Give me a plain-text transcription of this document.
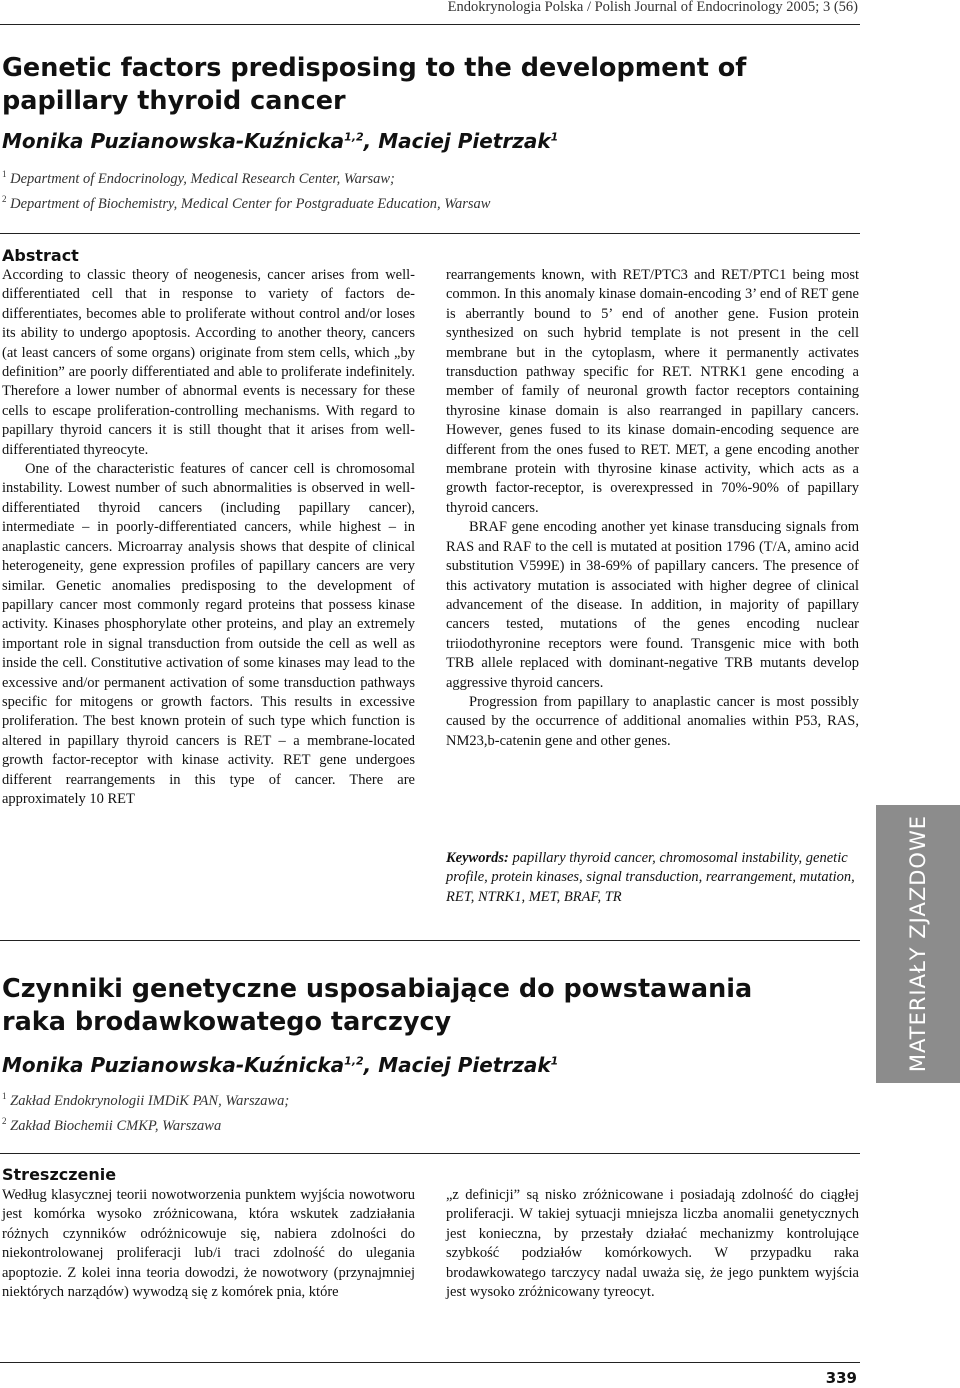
Endokrynologia Polska / Polish Journal of Endocrinology 2005; 3 (56)
Genetic factors predisposing to the development of papillary thyroid cancer
Monika Puzianowska-Kuźnicka$^{1,2}$, Maciej Pietrzak$^1$
$^1$ Department of Endocrinology, Medical Research Center, Warsaw;
$^2$ Department of Biochemistry, Medical Center for Postgraduate Education, Warsaw
Abstract

According to classic theory of neogenesis, cancer arises from well-differentiated cell that in response to variety of factors de-differentiates, becomes able to proliferate without control and/or loses its ability to undergo apoptosis. According to another theory, cancers (at least cancers of some organs) originate from stem cells, which „by definition” are poorly differentiated and able to proliferate indefinitely. Therefore a lower number of abnormal events is necessary for these cells to escape proliferation-controlling mechanisms. With regard to papillary thyroid cancers it is still thought that it arises from well-differentiated thyreocyte.

One of the characteristic features of cancer cell is chromosomal instability. Lowest number of such abnormalities is observed in well-differentiated thyroid cancers (including papillary cancer), intermediate – in poorly-differentiated cancers, while highest – in anaplastic cancers. Microarray analysis shows that despite of clinical heterogeneity, gene expression profiles of papillary cancers are very similar. Genetic anomalies predisposing to the development of papillary cancer most commonly regard proteins that possess kinase activity. Kinases phosphorylate other proteins, and play an extremely important role in signal transduction from outside the cell as well as inside the cell. Constitutive activation of some kinases may lead to the excessive and/or permanent activation of some transduction pathways specific for mitogens or growth factors. This results in excessive proliferation. The best known protein of such type which function is altered in papillary thyroid cancers is RET – a membrane-located growth factor-receptor with kinase activity. RET gene undergoes different rearrangements in this type of cancer. There are approximately 10 RET

rearrangements known, with RET/PTC3 and RET/PTC1 being most common. In this anomaly kinase domain-encoding 3’ end of RET gene is aberrantly bound to 5’ end of another gene. Fusion protein synthesized on such hybrid template is not present in the cell membrane but in the cytoplasm, where it permanently activates transduction pathway specific for RET. NTRK1 gene encoding a member of family of neuronal growth factor receptors containing thyrosine kinase domain is also rearranged in papillary cancers. However, genes fused to its kinase domain-encoding sequence are different from the ones fused to RET. MET, a gene encoding another membrane protein with thyrosine kinase activity, which acts as a growth factor-receptor, is overexpressed in 70%-90% of papillary thyroid cancers.

BRAF gene encoding another yet kinase transducing signals from RAS and RAF to the cell is mutated at position 1796 (T/A, amino acid substitution V599E) in 38-69% of papillary cancers. The presence of this activatory mutation is associated with higher degree of clinical advancement of the disease. In addition, in majority of papillary cancers tested, mutations of the genes encoding nuclear triiodothyronine receptors were found. Transgenic mice with both TRB allele replaced with dominant-negative TRB mutants develop aggressive thyroid cancers.

Progression from papillary to anaplastic cancer is most possibly caused by the occurrence of additional anomalies within P53, RAS, NM23,b-catenin gene and other genes.

Keywords: papillary thyroid cancer, chromosomal instability, genetic profile, protein kinases, signal transduction, rearrangement, mutation, RET, NTRK1, MET, BRAF, TR
Czynniki genetyczne usposabiające do powstawania raka brodawkowatego tarczycy
Monika Puzianowska-Kuźnicka$^{1,2}$, Maciej Pietrzak$^1$
$^1$ Zakład Endokrynologii IMDiK PAN, Warszawa;
$^2$ Zakład Biochemii CMKP, Warszawa
Streszczenie

Według klasycznej teorii nowotworzenia punktem wyjścia nowotworu jest komórka wysoko zróżnicowana, która wskutek zadziałania różnych czynników odróżnicowuje się, nabiera zdolności do niekontrolowanej proliferacji lub/i traci zdolność do ulegania apoptozie. Z kolei inna teoria dowodzi, że nowotwory (przynajmniej niektórych narządów) wywodzą się z komórek pnia, które

„z definicji” są nisko zróżnicowane i posiadają zdolność do ciągłej proliferacji. W takiej sytuacji mniejsza liczba anomalii genetycznych jest konieczna, by przestały działać mechanizmy kontrolujące szybkość podziałów komórkowych. W przypadku raka brodawkowatego tarczycy nadal uważa się, że jego punktem wyjścia jest wysoko zróżnicowany tyreocyt.

MATERIAŁY ZJAZDOWE
339
